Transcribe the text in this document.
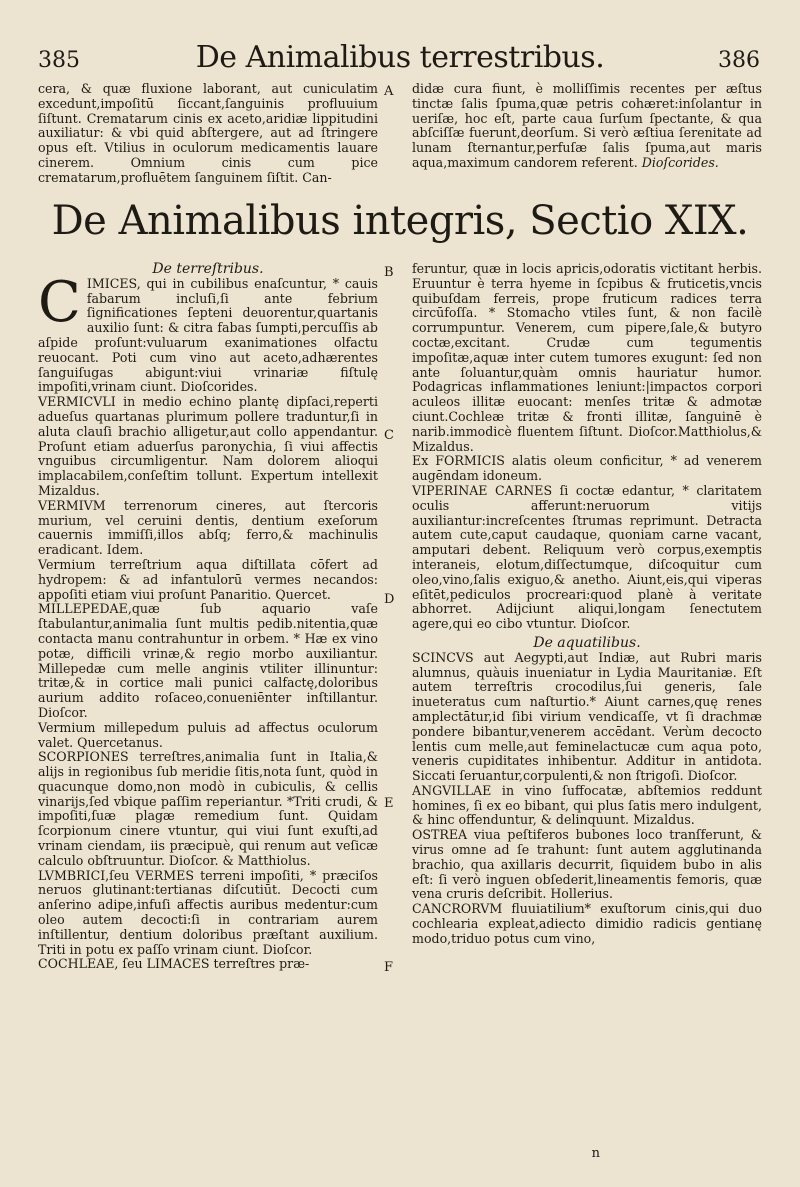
385	De Animalibus terrestribus.	386

cera, & quæ fluxione laborant, aut cuniculatim excedunt,impoſitū ſiccant,ſanguinis profluuium ſiſtunt. Crematarum cinis ex aceto,aridiæ lippitudini auxiliatur: & vbi quid abſtergere, aut ad ſtringere opus eſt. Vtilius in oculorum medicamentis lauare cinerem. Omnium cinis cum pice crematarum,profluētem ſanguinem ſiſtit. Can-

A didæ cura fiunt, è molliſſimis recentes per æſtus tinctæ ſalis ſpuma,quæ petris cohæret:inſolantur in ueriſæ, hoc eſt, parte caua ſurſum ſpectante, & qua abſciſſæ fuerunt,deorſum. Si verò æſtiua ſerenitate ad lunam ſternantur,perfuſæ ſalis ſpuma,aut maris aqua,maximum candorem referent. Dioſcorides.

De Animalibus integris, Sectio XIX.

De terreſtribus.

CIMICES, qui in cubilibus enaſcuntur, * cauis fabarum incluſi,ſi ante febrium ſignificationes ſepteni deuorentur,quartanis auxilio ſunt: & citra fabas ſumpti,percuſſis ab aſpide proſunt:vuluarum exanimationes olfactu reuocant. Poti cum vino aut aceto,adhærentes ſanguiſugas abigunt:viui vrinariæ fiſtulę impoſiti,vrinam ciunt. Dioſcorides.

VERMICVLI in medio echino plantę dipſaci,reperti adueſus quartanas plurimum pollere traduntur,ſi in aluta clauſi brachio alligetur,aut collo appendantur. Proſunt etiam aduerſus paronychia, ſi viui affectis vnguibus circumligentur. Nam dolorem alioqui implacabilem,conſeſtim tollunt. Expertum intellexit Mizaldus.

VERMIVM terrenorum cineres, aut ſtercoris murium, vel ceruini dentis, dentium exeſorum cauernis immiſſi,illos abſq; ferro,& machinulis eradicant. Idem.

Vermium terreſtrium aqua diſtillata cōfert ad hydropem: & ad infantulorū vermes necandos: appoſiti etiam viui proſunt Panaritio. Quercet.

MILLEPEDAE,quæ ſub aquario vaſe ſtabulantur,animalia ſunt multis pedib.nitentia,quæ contacta manu contrahuntur in orbem. * Hæ ex vino potæ, difficili vrinæ,& regio morbo auxiliantur. Millepedæ cum melle anginis vtiliter illinuntur: tritæ,& in cortice mali punici calfactę,doloribus aurium addito roſaceo,conueniēnter inſtillantur. Dioſcor.

Vermium millepedum puluis ad affectus oculorum valet. Quercetanus.

SCORPIONES terreſtres,animalia ſunt in Italia,& alijs in regionibus ſub meridie ſitis,nota ſunt, quòd in quacunque domo,non modò in cubiculis, & cellis vinarijs,ſed vbique paſſim reperiantur. *Triti crudi, & impoſiti,ſuæ plagæ remedium ſunt. Quidam ſcorpionum cinere vtuntur, qui viui ſunt exuſti,ad vrinam ciendam, iis præcipuè, qui renum aut veſicæ calculo obſtruuntur. Dioſcor. & Matthiolus.

LVMBRICI,ſeu VERMES terreni impoſiti, * præciſos neruos glutinant:tertianas diſcutiūt. Decocti cum anſerino adipe,infuſi affectis auribus medentur:cum oleo autem decocti:ſi in contrariam aurem inſtillentur, dentium doloribus præſtant auxilium. Triti in potu ex paſſo vrinam ciunt. Dioſcor.

COCHLEAE, ſeu LIMACES terreſtres præ-

B
C
D
E
F

feruntur, quæ in locis apricis,odoratis victitant herbis. Eruuntur è terra hyeme in ſcpibus & fruticetis,vncis quibuſdam ferreis, prope fruticum radices terra circūfoſſa. * Stomacho vtiles ſunt, & non facilè corrumpuntur. Venerem, cum pipere,ſale,& butyro coctæ,excitant. Crudæ cum tegumentis impoſitæ,aquæ inter cutem tumores exugunt: ſed non ante ſoluantur,quàm omnis hauriatur humor. Podagricas inflammationes leniunt:|impactos corpori aculeos illitæ euocant: menſes tritæ & admotæ ciunt.Cochleæ tritæ & fronti illitæ, ſanguinē è narib.immodicè fluentem ſiſtunt. Dioſcor.Matthiolus,& Mizaldus.

Ex FORMICIS alatis oleum conficitur, * ad venerem augēndam idoneum.

VIPERINAE CARNES ſi coctæ edantur, * claritatem oculis afferunt:neruorum vitijs auxiliantur:increſcentes ſtrumas reprimunt. Detracta autem cute,caput caudaque, quoniam carne vacant, amputari debent. Reliquum verò corpus,exemptis interaneis, elotum,diſſectumque, diſcoquitur cum oleo,vino,ſalis exiguo,& anetho. Aiunt,eis,qui viperas eſitēt,pediculos procreari:quod planè à veritate abhorret. Adijciunt aliqui,longam ſenectutem agere,qui eo cibo vtuntur. Dioſcor.

De aquatilibus.

SCINCVS aut Aegypti,aut Indiæ, aut Rubri maris alumnus, quàuis inueniatur in Lydia Mauritaniæ. Eſt autem terreſtris crocodilus,ſui generis, ſale inueteratus cum naſturtio.* Aiunt carnes,quę renes amplectātur,id ſibi virium vendicaſſe, vt ſi drachmæ pondere bibantur,venerem accēdant. Verùm decocto lentis cum melle,aut feminelactucæ cum aqua poto, veneris cupiditates inhibentur. Additur in antidota. Siccati ſeruantur,corpulenti,& non ſtrigoſi. Dioſcor.

ANGVILLAE in vino ſuffocatæ, abſtemios reddunt homines, ſi ex eo bibant, qui plus ſatis mero indulgent, & hinc offenduntur, & delinquunt. Mizaldus.

OSTREA viua peſtiferos bubones loco tranſferunt, & virus omne ad ſe trahunt: ſunt autem agglutinanda brachio, qua axillaris decurrit, ſiquidem bubo in alis eſt: ſi verò inguen obſederit,lineamentis femoris, quæ vena cruris deſcribit. Hollerius.

CANCRORVM fluuiatilium* exuſtorum cinis,qui duo cochlearia expleat,adiecto dimidio radicis gentianę modo,triduo potus cum vino,

n
